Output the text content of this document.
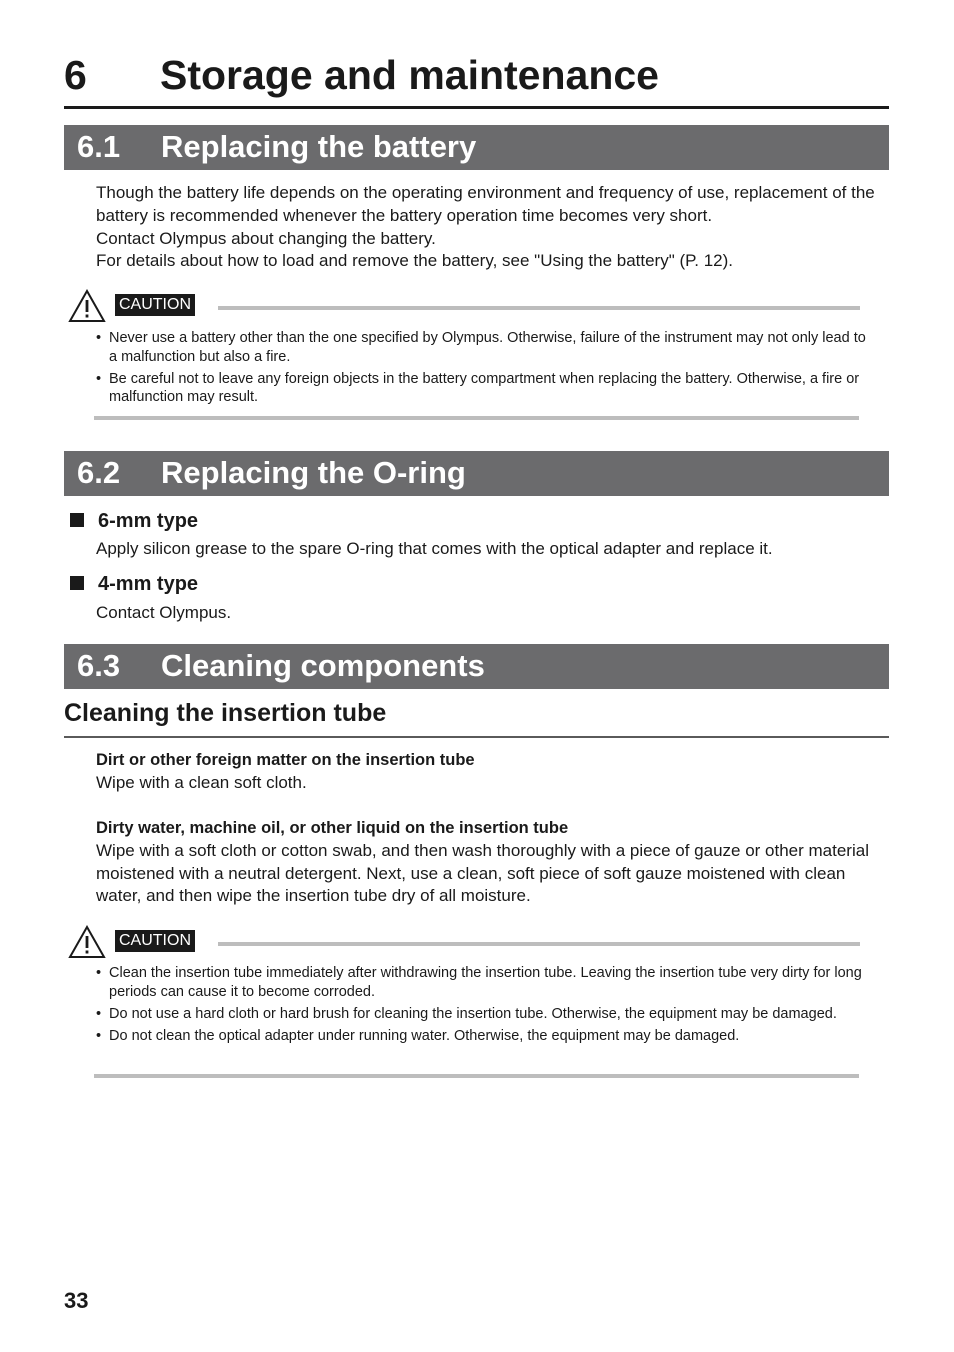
6 Storage and maintenance
6.1 Replacing the battery

Though the battery life depends on the operating environment and frequency of use, replacement of the battery is recommended whenever the battery operation time becomes very short.

Contact Olympus about changing the battery.

For details about how to load and remove the battery, see "Using the battery" (P. 12).

CAUTION
• Never use a battery other than the one specified by Olympus. Otherwise, failure of the instrument may not only lead to a malfunction but also a fire.
• Be careful not to leave any foreign objects in the battery compartment when replacing the battery. Otherwise, a fire or malfunction may result.
6.2 Replacing the O-ring
6-mm type
Apply silicon grease to the spare O-ring that comes with the optical adapter and replace it.
4-mm type
Contact Olympus.
6.3 Cleaning components
Cleaning the insertion tube

Dirt or other foreign matter on the insertion tube

Wipe with a clean soft cloth.

Dirty water, machine oil, or other liquid on the insertion tube

Wipe with a soft cloth or cotton swab, and then wash thoroughly with a piece of gauze or other material moistened with a neutral detergent. Next, use a clean, soft piece of soft gauze moistened with clean water, and then wipe the insertion tube dry of all moisture.

CAUTION
• Clean the insertion tube immediately after withdrawing the insertion tube. Leaving the insertion tube very dirty for long periods can cause it to become corroded.
• Do not use a hard cloth or hard brush for cleaning the insertion tube. Otherwise, the equipment may be damaged.
• Do not clean the optical adapter under running water. Otherwise, the equipment may be damaged.
33
